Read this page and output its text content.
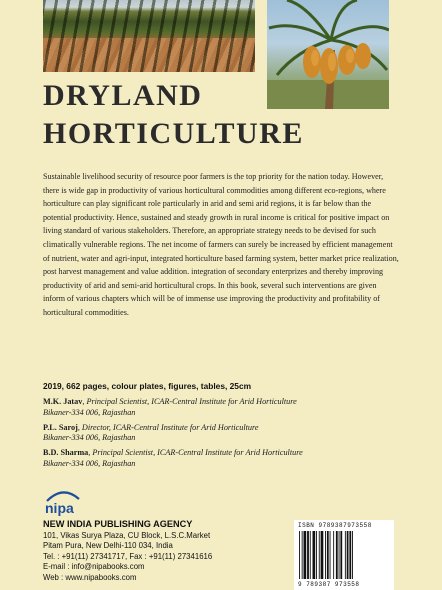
DRYLAND
HORTICULTURE

Sustainable livelihood security of resource poor farmers is the top priority for the nation today. However, there is wide gap in productivity of various horticultural commodities among different eco-regions, where horticulture can play significant role particularly in arid and semi arid regions, it is far below than the potential productivity. Hence, sustained and steady growth in rural income is critical for positive impact on living standard of various stakeholders. Therefore, an appropriate strategy needs to be devised for such climatically vulnerable regions. The net income of farmers can surely be increased by efficient management of nutrient, water and agri-input, integrated horticulture based farming system, better market price realization, post harvest management and value addition. integration of secondary enterprizes and thereby improving productivity of arid and semi-arid horticultural crops. In this book, several such interventions are given inform of various chapters which will be of immense use improving the productivity and profitability of horticultural commodities.

2019, 662 pages, colour plates, figures, tables, 25cm
M.K. Jatav, Principal Scientist, ICAR-Central Institute for Arid Horticulture
Bikaner-334 006, Rajasthan
P.L. Saroj, Director, ICAR-Central Institute for Arid Horticulture
Bikaner-334 006, Rajasthan
B.D. Sharma, Principal Scientist, ICAR-Central Institute for Arid Horticulture
Bikaner-334 006, Rajasthan
nipa
NEW INDIA PUBLISHING AGENCY
101, Vikas Surya Plaza, CU Block, L.S.C.Market
Pitam Pura, New Delhi-110 034, India
Tel. : +91(11) 27341717, Fax : +91(11) 27341616
E-mail : info@nipabooks.com
Web : www.nipabooks.com
ISBN 9789387973558
9 789387 973558
